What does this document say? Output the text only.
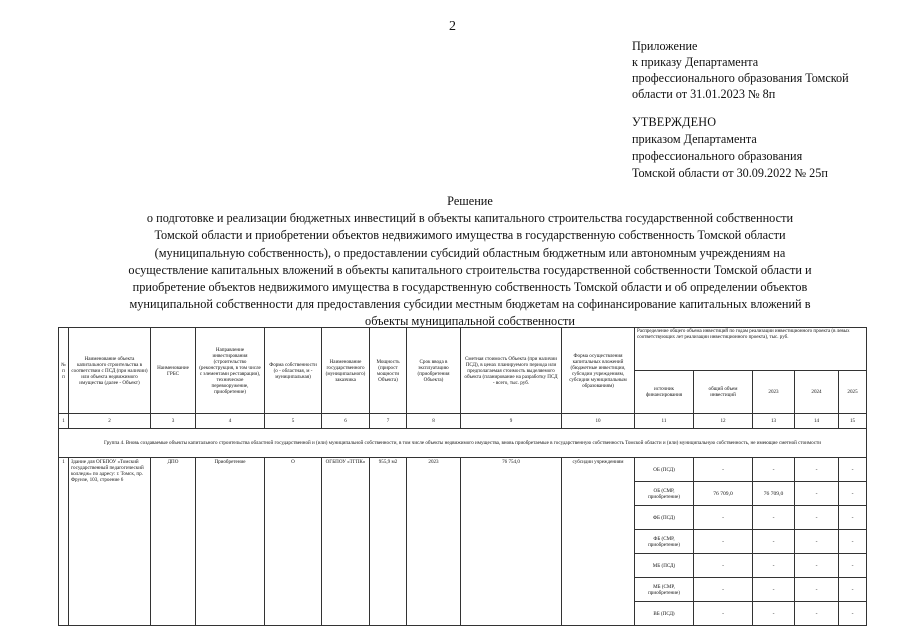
2
Приложение
к приказу Департамента
профессионального образования Томской
области от 31.01.2023 № 8п
УТВЕРЖДЕНО
приказом Департамента
профессионального образования
Томской области от 30.09.2022 № 25п
Решение
о подготовке и реализации бюджетных инвестиций в объекты капитального строительства государственной собственности
Томской области и приобретении объектов недвижимого имущества в государственную собственность Томской области
(муниципальную собственность), о предоставлении субсидий областным бюджетным или автономным учреждениям на
осуществление капитальных вложений в объекты капитального строительства государственной собственности Томской области и
приобретение объектов недвижимого имущества в государственную собственность Томской области и об определении объектов
муниципальной собственности для предоставления субсидии местным бюджетам на софинансирование капитальных вложений в
объекты муниципальной собственности
№ пп	Наименование объекта капитального строительства в соответствии с ПСД (при наличии) или объекта недвижимого имущества (далее - Объект)	Наименование ГРБС	Направление инвестирования (строительство (реконструкция, в том числе с элементами реставрации), техническое перевооружение, приобретение)	Форма собственности (о - областная, м - муниципальная)	Наименование государственного (муниципального) заказчика	Мощность (прирост мощности Объекта)	Срок ввода в эксплуатацию (приобретения Объекта)	Сметная стоимость Объекта (при наличии ПСД), в ценах планируемого периода или предполагаемая стоимость выделяемого объекта (планирование на разработку ПСД - всего, тыс. руб.	Форма осуществления капитальных вложений (бюджетные инвестиции, субсидии учреждениям, субсидии муниципальным образованиям)	Распределение общего объема инвестиций по годам реализации инвестиционного проекта (в левых соответствующих лет реализации инвестиционного проекта), тыс. руб.				
										источник финансирования	общий объем инвестиций	2023	2024	2025
1	2	3	4	5	6	7	8	9	10	11	12	13	14	15
Группа 4. Вновь создаваемые объекты капитального строительства областной государственной и (или) муниципальной собственности, в том числе объекты недвижимого имущества, вновь приобретаемые в государственную собственность Томской области и (или) муниципальную собственность, не имеющие сметной стоимости														
1	Здание для ОГБПОУ «Томский государственный педагогический колледж» по адресу: г. Томск, пр. Фрунзе, 103, строение 6	ДПО	Приобретение	О	ОГБПОУ «ТГПК»	955,9 м2	2023	76 754,0	субсидии учреждениям	ОБ (ПСД)	-	-	-	-
										ОБ (СМР, приобретение)	76 709,0	76 709,0	-	-
										ФБ (ПСД)	-	-	-	-
										ФБ (СМР, приобретение)	-	-	-	-
										МБ (ПСД)	-	-	-	-
										МБ (СМР, приобретение)	-	-	-	-
										ВБ (ПСД)	-	-	-	-
